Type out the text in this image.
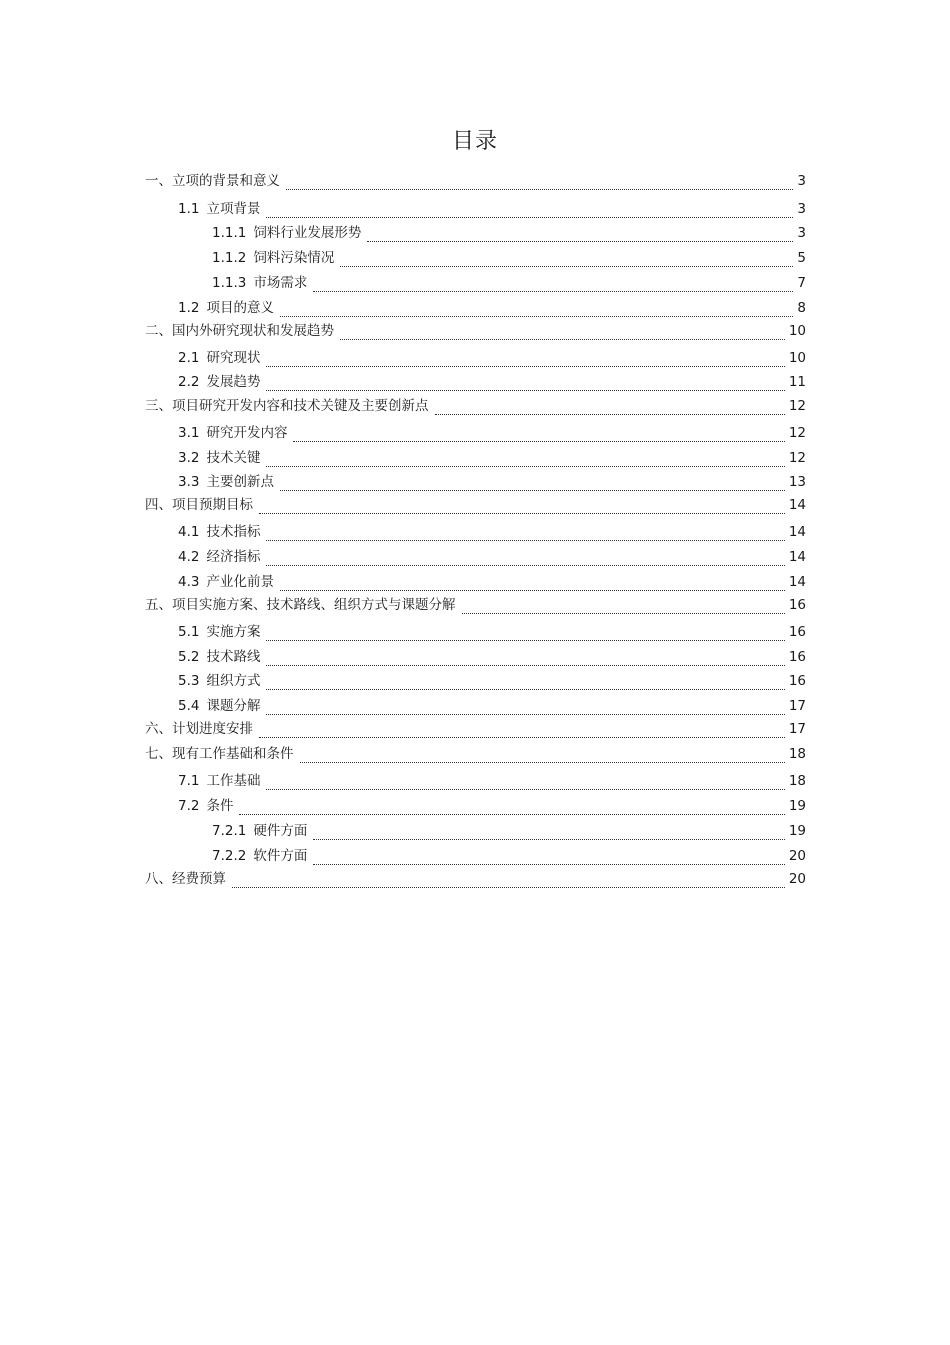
目录
一、 立项的背景和意义	3
1.1 立项背景	3
1.1.1 饲料行业发展形势	3
1.1.2 饲料污染情况	5
1.1.3 市场需求	7
1.2 项目的意义	8
二、 国内外研究现状和发展趋势	10
2.1 研究现状	10
2.2 发展趋势	11
三、 项目研究开发内容和技术关键及主要创新点	12
3.1 研究开发内容	12
3.2 技术关键	12
3.3 主要创新点	13
四、 项目预期目标	14
4.1 技术指标	14
4.2 经济指标	14
4.3 产业化前景	14
五、 项目实施方案、技术路线、组织方式与课题分解	16
5.1 实施方案	16
5.2 技术路线	16
5.3 组织方式	16
5.4 课题分解	17
六、 计划进度安排	17
七、 现有工作基础和条件	18
7.1 工作基础	18
7.2 条件	19
7.2.1 硬件方面	19
7.2.2 软件方面	20
八、 经费预算	20
